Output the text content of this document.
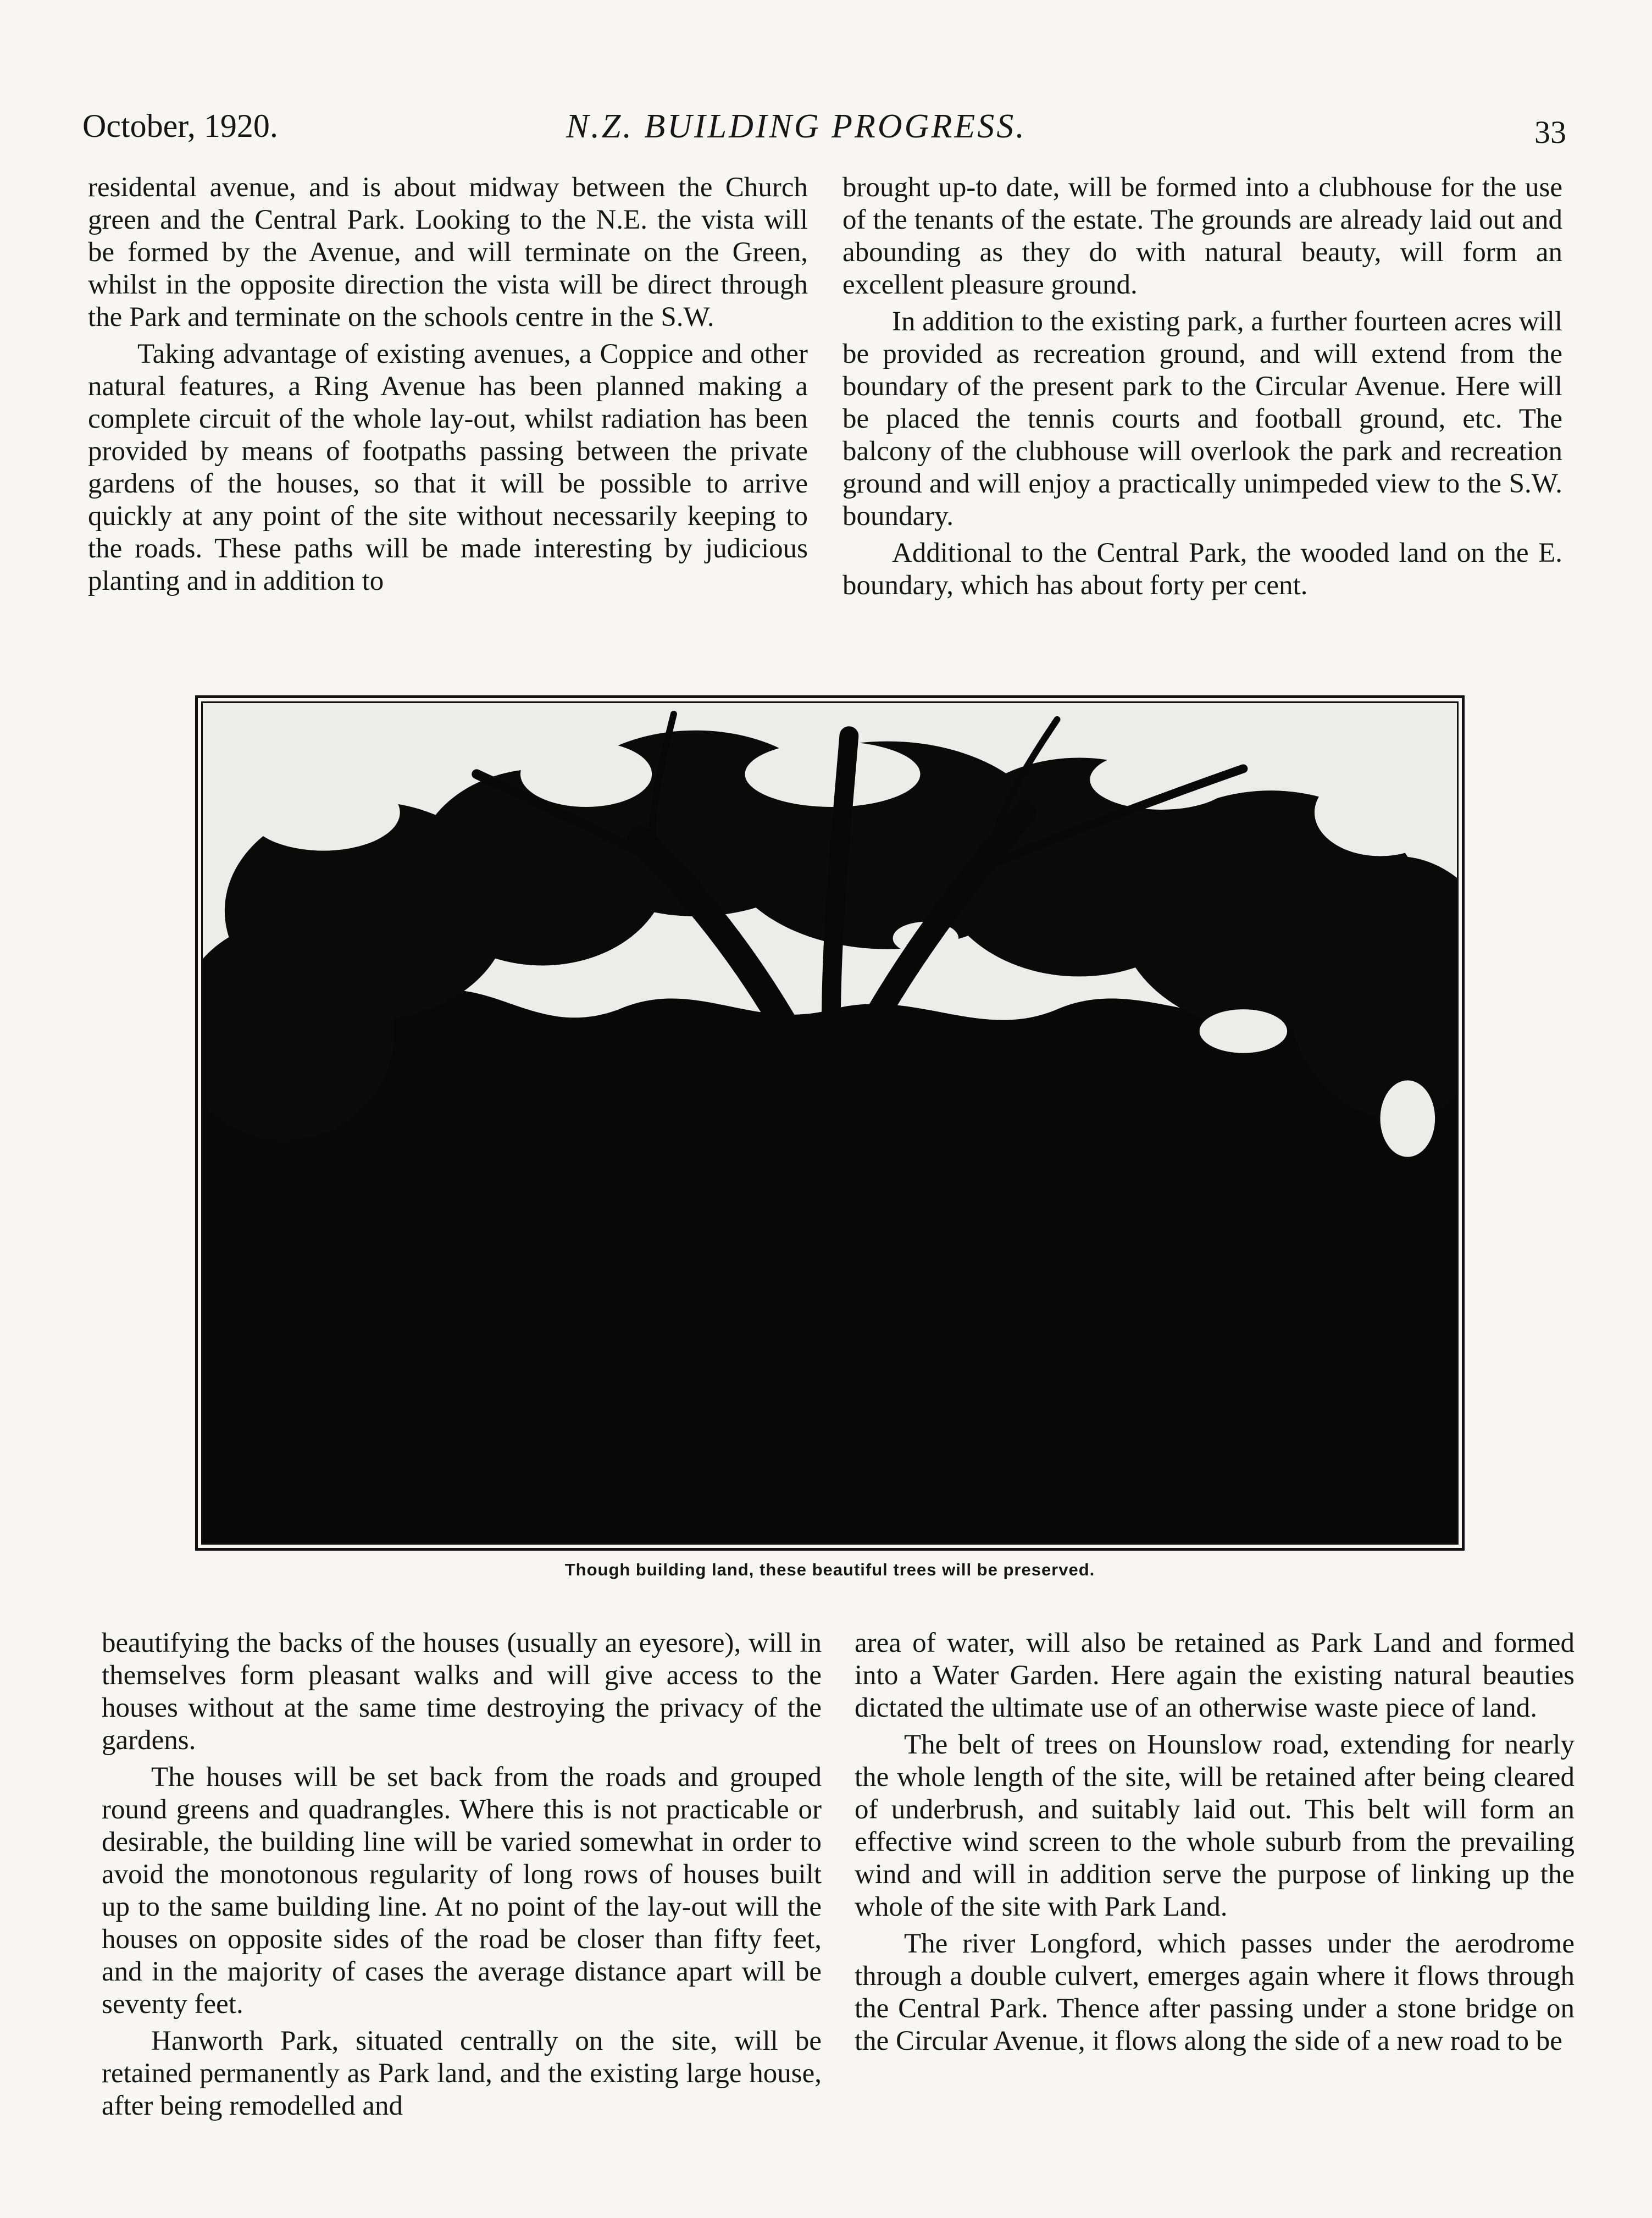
October, 1920.	N.Z. BUILDING PROGRESS.	33

residental avenue, and is about midway between the Church green and the Central Park. Looking to the N.E. the vista will be formed by the Avenue, and will terminate on the Green, whilst in the opposite direction the vista will be direct through the Park and terminate on the schools centre in the S.W.

Taking advantage of existing avenues, a Coppice and other natural features, a Ring Avenue has been planned making a complete circuit of the whole lay-out, whilst radiation has been provided by means of footpaths passing between the private gardens of the houses, so that it will be possible to arrive quickly at any point of the site without necessarily keeping to the roads. These paths will be made interesting by judicious planting and in addition to

brought up-to date, will be formed into a clubhouse for the use of the tenants of the estate. The grounds are already laid out and abounding as they do with natural beauty, will form an excellent pleasure ground.

In addition to the existing park, a further fourteen acres will be provided as recreation ground, and will extend from the boundary of the present park to the Circular Avenue. Here will be placed the tennis courts and football ground, etc. The balcony of the clubhouse will overlook the park and recreation ground and will enjoy a practically unimpeded view to the S.W. boundary.

Additional to the Central Park, the wooded land on the E. boundary, which has about forty per cent.

Though building land, these beautiful trees will be preserved.

beautifying the backs of the houses (usually an eyesore), will in themselves form pleasant walks and will give access to the houses without at the same time destroying the privacy of the gardens.

The houses will be set back from the roads and grouped round greens and quadrangles. Where this is not practicable or desirable, the building line will be varied somewhat in order to avoid the monotonous regularity of long rows of houses built up to the same building line. At no point of the lay-out will the houses on opposite sides of the road be closer than fifty feet, and in the majority of cases the average distance apart will be seventy feet.

Hanworth Park, situated centrally on the site, will be retained permanently as Park land, and the existing large house, after being remodelled and

area of water, will also be retained as Park Land and formed into a Water Garden. Here again the existing natural beauties dictated the ultimate use of an otherwise waste piece of land.

The belt of trees on Hounslow road, extending for nearly the whole length of the site, will be retained after being cleared of underbrush, and suitably laid out. This belt will form an effective wind screen to the whole suburb from the prevailing wind and will in addition serve the purpose of linking up the whole of the site with Park Land.

The river Longford, which passes under the aerodrome through a double culvert, emerges again where it flows through the Central Park. Thence after passing under a stone bridge on the Circular Avenue, it flows along the side of a new road to be
